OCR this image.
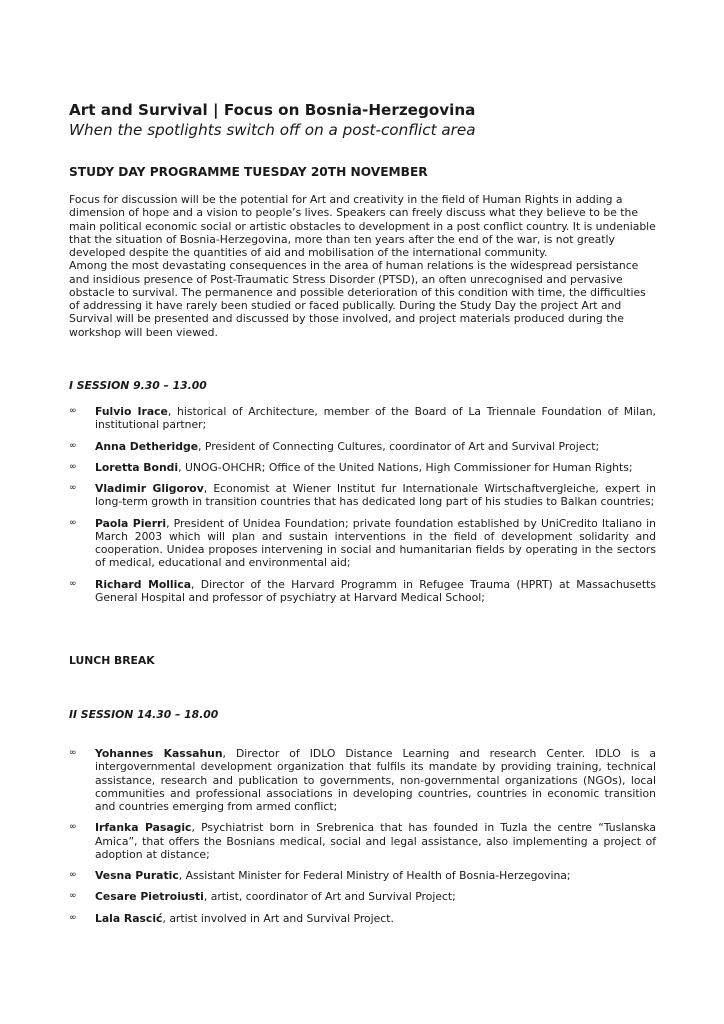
Art and Survival | Focus on Bosnia-Herzegovina
When the spotlights switch off on a post-conflict area
STUDY DAY PROGRAMME TUESDAY 20TH NOVEMBER

Focus for discussion will be the potential for Art and creativity in the field of Human Rights in adding a dimension of hope and a vision to people’s lives. Speakers can freely discuss what they believe to be the main political economic social or artistic obstacles to development in a post conflict country. It is undeniable that the situation of Bosnia-Herzegovina, more than ten years after the end of the war, is not greatly developed despite the quantities of aid and mobilisation of the international community.

Among the most devastating consequences in the area of human relations is the widespread persistance and insidious presence of Post-Traumatic Stress Disorder (PTSD), an often unrecognised and pervasive obstacle to survival. The permanence and possible deterioration of this condition with time, the difficulties of addressing it have rarely been studied or faced publically. During the Study Day the project Art and Survival will be presented and discussed by those involved, and project materials produced during the workshop will been viewed.

I SESSION 9.30 – 13.00
∞ Fulvio Irace, historical of Architecture, member of the Board of La Triennale Foundation of Milan, institutional partner;
∞ Anna Detheridge, President of Connecting Cultures, coordinator of Art and Survival Project;
∞ Loretta Bondi, UNOG-OHCHR; Office of the United Nations, High Commissioner for Human Rights;
∞ Vladimir Gligorov, Economist at Wiener Institut fur Internationale Wirtschaftvergleiche, expert in long-term growth in transition countries that has dedicated long part of his studies to Balkan countries;
∞ Paola Pierri, President of Unidea Foundation; private foundation established by UniCredito Italiano in March 2003 which will plan and sustain interventions in the field of development solidarity and cooperation. Unidea proposes intervening in social and humanitarian fields by operating in the sectors of medical, educational and environmental aid;
∞ Richard Mollica, Director of the Harvard Programm in Refugee Trauma (HPRT) at Massachusetts General Hospital and professor of psychiatry at Harvard Medical School;
LUNCH BREAK
II SESSION 14.30 – 18.00
∞ Yohannes Kassahun, Director of IDLO Distance Learning and research Center. IDLO is a intergovernmental development organization that fulfils its mandate by providing training, technical assistance, research and publication to governments, non-governmental organizations (NGOs), local communities and professional associations in developing countries, countries in economic transition and countries emerging from armed conflict;
∞ Irfanka Pasagic, Psychiatrist born in Srebrenica that has founded in Tuzla the centre “Tuslanska Amica”, that offers the Bosnians medical, social and legal assistance, also implementing a project of adoption at distance;
∞ Vesna Puratic, Assistant Minister for Federal Ministry of Health of Bosnia-Herzegovina;
∞ Cesare Pietroiusti, artist, coordinator of Art and Survival Project;
∞ Lala Rascić, artist involved in Art and Survival Project.
